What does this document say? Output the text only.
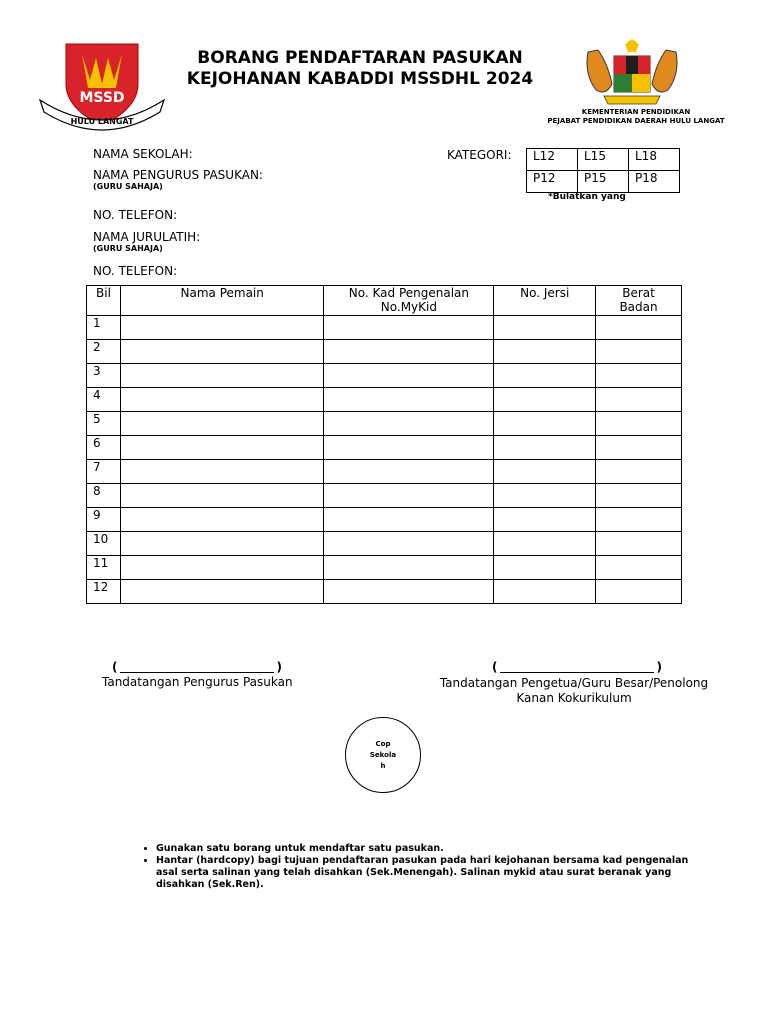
MSSD
HULU LANGAT
BORANG PENDAFTARAN PASUKAN
KEJOHANAN KABADDI MSSDHL 2024
KEMENTERIAN PENDIDIKAN
PEJABAT PENDIDIKAN DAERAH HULU LANGAT
NAMA SEKOLAH:
NAMA PENGURUS PASUKAN:
(GURU SAHAJA)
NO. TELEFON:
NAMA JURULATIH:
(GURU SAHAJA)
NO. TELEFON:
KATEGORI: L12	L15	L18
P12	P15	P18
*Bulatkan yang
Bil	Nama Pemain	No. Kad Pengenalan No.MyKid	No. Jersi	Berat Badan

1				
2				
3				
4				
5				
6				
7				
8				
9				
10				
11				
12				
(	)
Tandatangan Pengurus Pasukan
(	)
Tandatangan Pengetua/Guru Besar/Penolong
Kanan Kokurikulum
Cop
Sekola
h
• Gunakan satu borang untuk mendaftar satu pasukan.
• Hantar (hardcopy) bagi tujuan pendaftaran pasukan pada hari kejohanan bersama kad pengenalan asal serta salinan yang telah disahkan (Sek.Menengah). Salinan mykid atau surat beranak yang disahkan (Sek.Ren).
